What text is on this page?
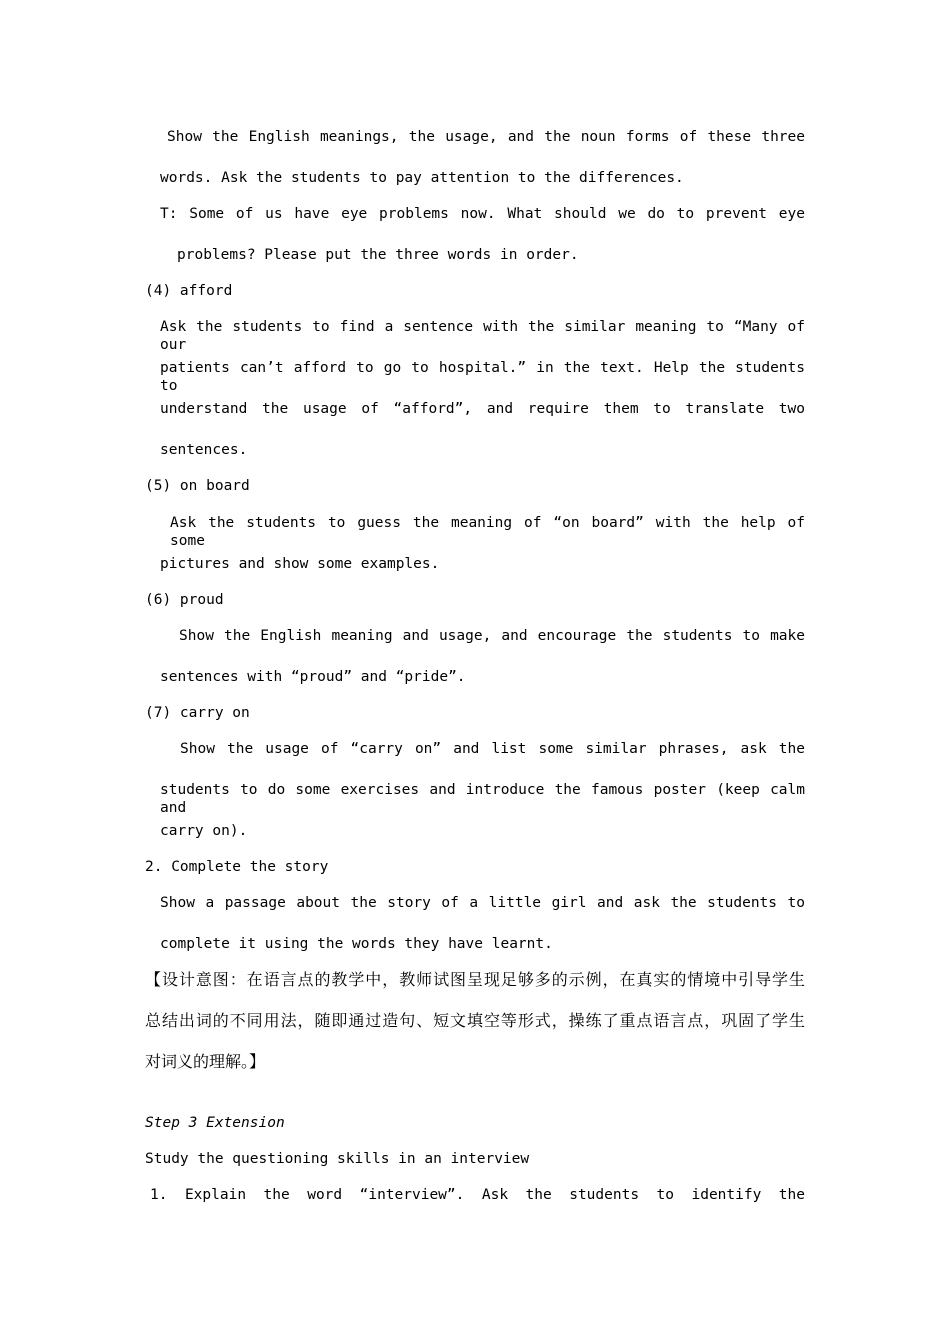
Show the English meanings, the usage, and the noun forms of these three
words. Ask the students to pay attention to the differences.
T: Some of us have eye problems now. What should we do to prevent eye
problems? Please put the three words in order.
(4) afford
Ask the students to find a sentence with the similar meaning to “Many of our
patients can’t afford to go to hospital.” in the text. Help the students to
understand the usage of “afford”, and require them to translate two
sentences.
(5) on board
Ask the students to guess the meaning of “on board” with the help of some
pictures and show some examples.
(6) proud
Show the English meaning and usage, and encourage the students to make
sentences with “proud” and “pride”.
(7) carry on
Show the usage of “carry on” and list some similar phrases, ask the
students to do some exercises and introduce the famous poster (keep calm and
carry on).
2. Complete the story
Show a passage about the story of a little girl and ask the students to
complete it using the words they have learnt.
【设计意图：在语言点的教学中，教师试图呈现足够多的示例，在真实的情境中引导学生
总结出词的不同用法，随即通过造句、短文填空等形式，操练了重点语言点，巩固了学生
对词义的理解。】
Step 3 Extension
Study the questioning skills in an interview
1. Explain the word “interview”. Ask the students to identify the
